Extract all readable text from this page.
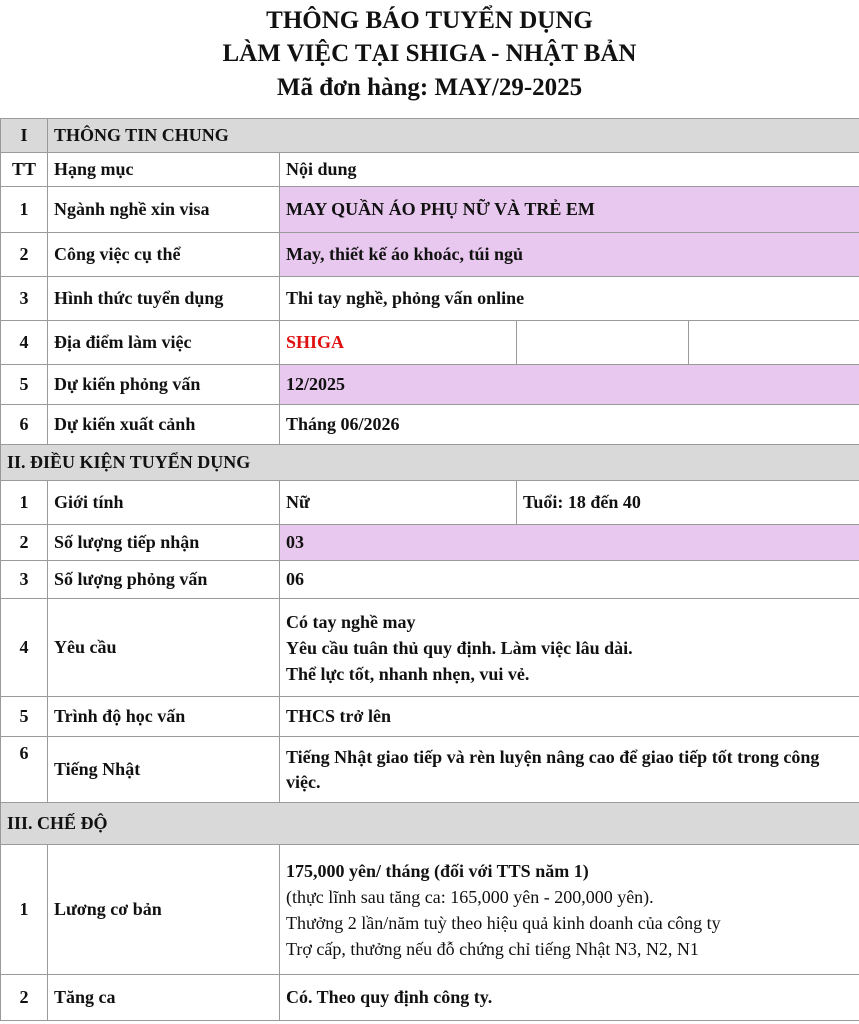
THÔNG BÁO TUYỂN DỤNG
LÀM VIỆC TẠI SHIGA - NHẬT BẢN
Mã đơn hàng: MAY/29-2025
I	THÔNG TIN CHUNG			
TT	Hạng mục	Nội dung		
1	Ngành nghề xin visa	MAY QUẦN ÁO PHỤ NỮ VÀ TRẺ EM		
2	Công việc cụ thể	May, thiết kế áo khoác, túi ngủ		
3	Hình thức tuyển dụng	Thi tay nghề, phỏng vấn online		
4	Địa điểm làm việc	SHIGA		
5	Dự kiến phỏng vấn	12/2025		
6	Dự kiến xuất cảnh	Tháng 06/2026		
II. ĐIỀU KIỆN TUYỂN DỤNG				
1	Giới tính	Nữ	Tuổi: 18 đến 40	
2	Số lượng tiếp nhận	03		
3	Số lượng phỏng vấn	06		
4	Yêu cầu	Có tay nghề may
Yêu cầu tuân thủ quy định. Làm việc lâu dài.
Thể lực tốt, nhanh nhẹn, vui vẻ.		

5	Trình độ học vấn	THCS trở lên		
6	Tiếng Nhật	Tiếng Nhật giao tiếp và rèn luyện nâng cao để giao tiếp tốt trong công việc.		
III. CHẾ ĐỘ				
1	Lương cơ bản	175,000 yên/ tháng (đối với TTS năm 1)
(thực lĩnh sau tăng ca: 165,000 yên - 200,000 yên).
Thưởng 2 lần/năm tuỳ theo hiệu quả kinh doanh của công ty
Trợ cấp, thưởng nếu đỗ chứng chỉ tiếng Nhật N3, N2, N1		

2	Tăng ca	Có. Theo quy định công ty.		
